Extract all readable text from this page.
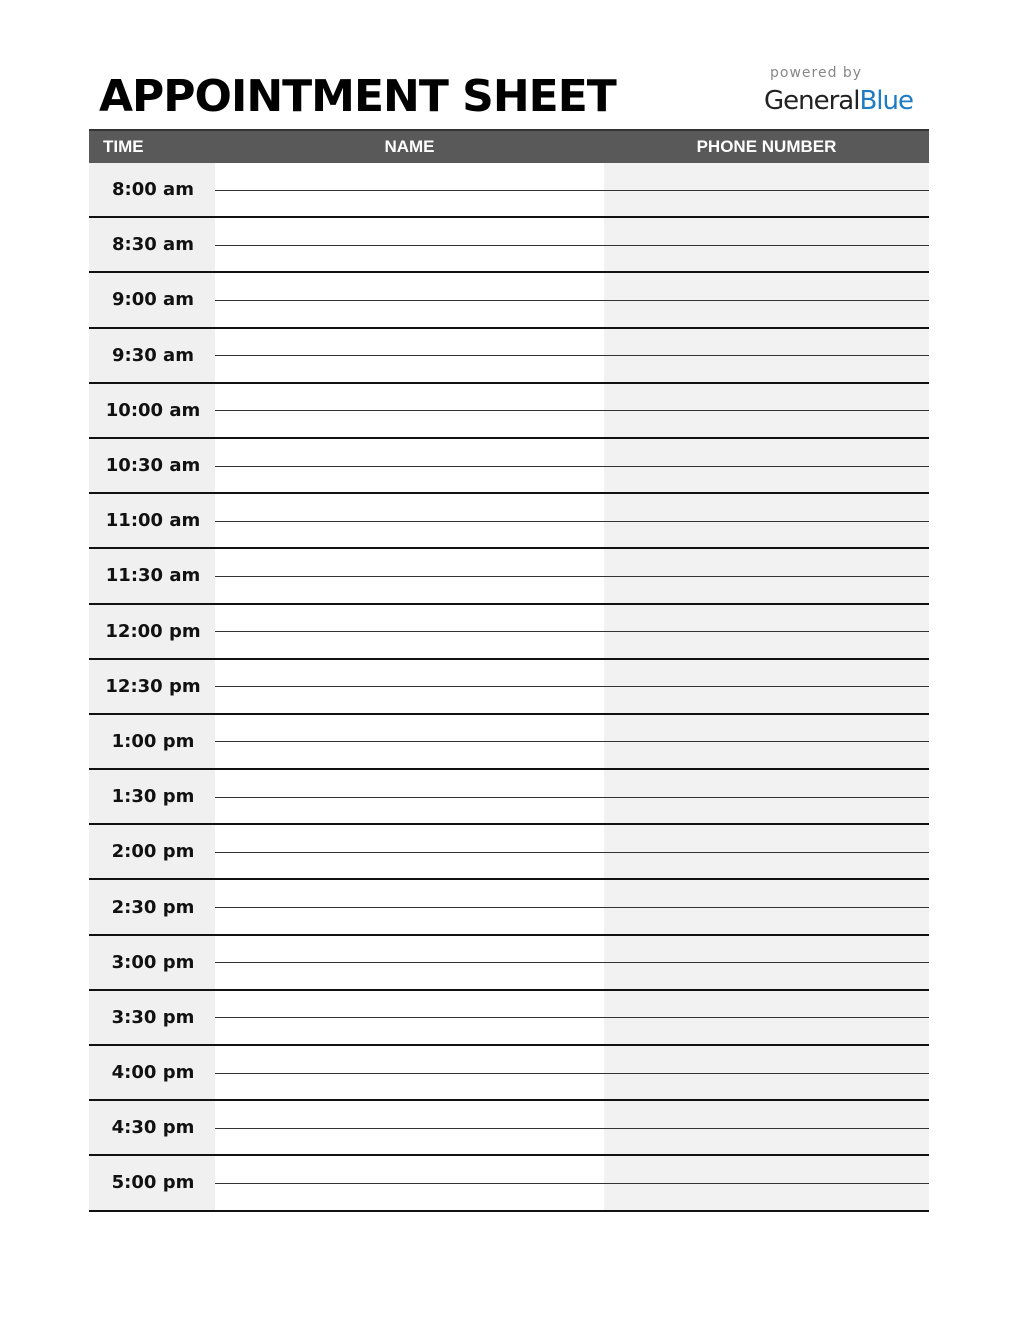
APPOINTMENT SHEET	powered by
GeneralBlue
TIME	NAME	PHONE NUMBER
8:00 am
8:30 am
9:00 am
9:30 am
10:00 am
10:30 am
11:00 am
11:30 am
12:00 pm
12:30 pm
1:00 pm
1:30 pm
2:00 pm
2:30 pm
3:00 pm
3:30 pm
4:00 pm
4:30 pm
5:00 pm
